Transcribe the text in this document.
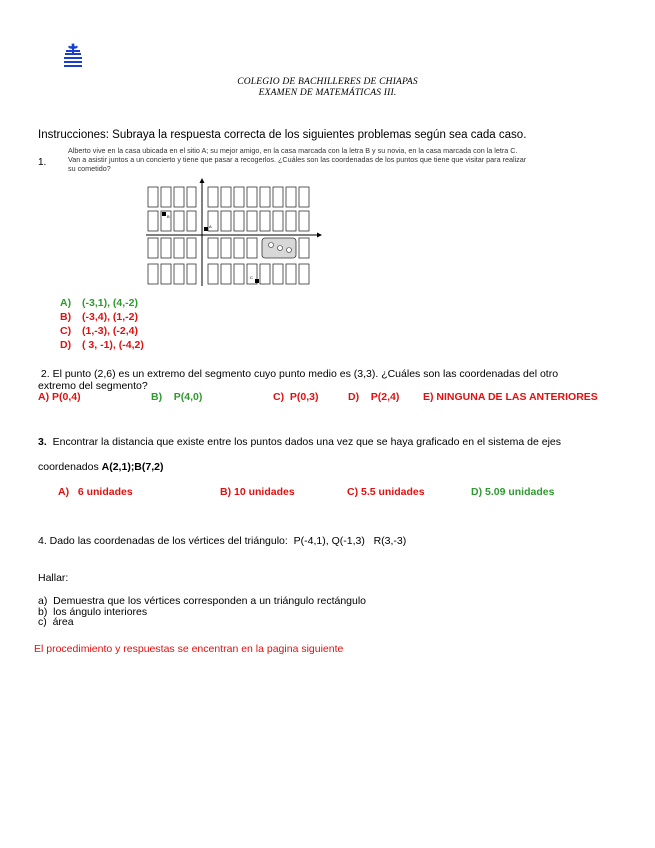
COLEGIO DE BACHILLERES DE CHIAPAS
EXAMEN DE MATEMÁTICAS III.
Instrucciones: Subraya la respuesta correcta de los siguientes problemas según sea cada caso.
1.
Alberto vive en la casa ubicada en el sitio A; su mejor amigo, en la casa marcada con la letra B y su novia, en la casa marcada con la letra C.
Van a asistir juntos a un concierto y tiene que pasar a recogerlos. ¿Cuáles son las coordenadas de los puntos que tiene que visitar para realizar
su cometido?
B
A
C
A) (-3,1), (4,-2)
B) (-3,4), (1,-2)
C) (1,-3), (-2,4)
D) ( 3, -1), (-4,2)
2. El punto (2,6) es un extremo del segmento cuyo punto medio es (3,3). ¿Cuáles son las coordenadas del otro
extremo del segmento?
A) P(0,4)	B)    P(4,0)	C)  P(0,3)	D)    P(2,4) E) NINGUNA DE LAS ANTERIORES
3.  Encontrar la distancia que existe entre los puntos dados una vez que se haya graficado en el sistema de ejes
coordenados A(2,1);B(7,2)
A)   6 unidades	B) 10 unidades	C) 5.5 unidades	D) 5.09 unidades
4. Dado las coordenadas de los vértices del triángulo:  P(-4,1), Q(-1,3)   R(3,-3)
Hallar:
a)  Demuestra que los vértices corresponden a un triángulo rectángulo
b)  los ángulo interiores
c)  área
El procedimiento y respuestas se encentran en la pagina siguiente
